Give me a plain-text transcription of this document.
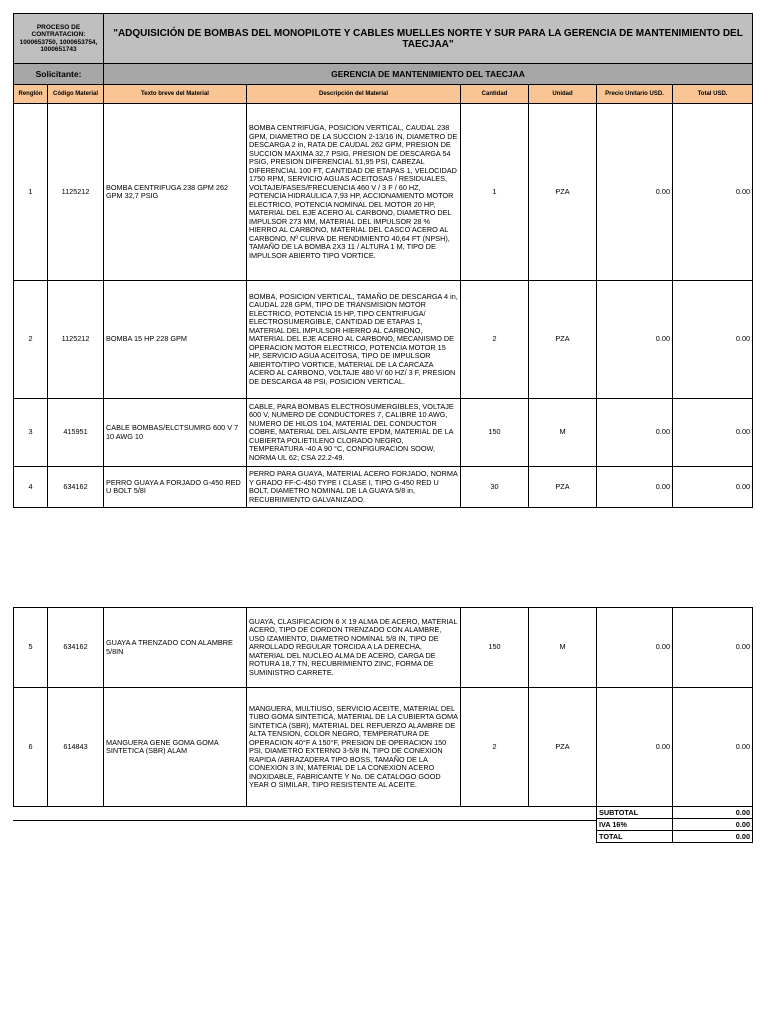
PROCESO DE CONTRATACION:
1000653750, 1000653754, 1000651743		"ADQUISICIÓN DE BOMBAS DEL MONOPILOTE Y CABLES MUELLES NORTE Y SUR PARA LA GERENCIA DE MANTENIMIENTO DEL TAECJAA"					
Solicitante:		GERENCIA DE MANTENIMIENTO DEL TAECJAA					
Renglón	Código Material	Texto breve del Material	Descripción del Material	Cantidad	Unidad	Precio Unitario USD.	Total USD.
1	1125212	BOMBA CENTRIFUGA 238 GPM 262 GPM 32,7 PSIG	BOMBA CENTRIFUGA, POSICION VERTICAL, CAUDAL 238 GPM, DIAMETRO DE LA SUCCION 2-13/16 IN, DIAMETRO DE DESCARGA 2 in, RATA DE CAUDAL 262 GPM, PRESION DE SUCCION MAXIMA 32,7 PSIG, PRESION DE DESCARGA 54 PSIG, PRESION DIFERENCIAL 51,95 PSI, CABEZAL DIFERENCIAL 100 FT, CANTIDAD DE ETAPAS 1, VELOCIDAD 1750 RPM, SERVICIO AGUAS ACEITOSAS / RESIDUALES, VOLTAJE/FASES/FRECUENCIA 460 V / 3 F / 60 HZ, POTENCIA HIDRAULICA 7,93 HP, ACCIONAMIENTO MOTOR ELECTRICO, POTENCIA NOMINAL DEL MOTOR 20 HP, MATERIAL DEL EJE ACERO AL CARBONO, DIAMETRO DEL IMPULSOR 273 MM, MATERIAL DEL IMPULSOR 28 % HIERRO AL CARBONO, MATERIAL DEL CASCO ACERO AL CARBONO, Nº CURVA DE RENDIMIENTO 40,64 FT (NPSH), TAMAÑO DE LA BOMBA 2X3 11 / ALTURA 1 M, TIPO DE IMPULSOR ABIERTO TIPO VORTICE.	1	PZA	0.00	0.00
2	1125212	BOMBA 15 HP 228 GPM	BOMBA, POSICION VERTICAL, TAMAÑO DE DESCARGA 4 in, CAUDAL 228 GPM, TIPO DE TRANSMISION MOTOR ELECTRICO, POTENCIA 15 HP, TIPO CENTRIFUGA/ ELECTROSUMERGIBLE, CANTIDAD DE ETAPAS 1, MATERIAL DEL IMPULSOR HIERRO AL CARBONO, MATERIAL DEL EJE ACERO AL CARBONO, MECANISMO DE OPERACION MOTOR ELECTRICO, POTENCIA MOTOR 15 HP, SERVICIO AGUA ACEITOSA, TIPO DE IMPULSOR ABIERTO/TIPO VORTICE, MATERIAL DE LA CARCAZA ACERO AL CARBONO, VOLTAJE 480 V/ 60 HZ/ 3 F, PRESION DE DESCARGA 48 PSI, POSICION VERTICAL.	2	PZA	0.00	0.00
3	415951	CABLE BOMBAS/ELCTSUMRG 600 V 7 10 AWG 10	CABLE, PARA BOMBAS ELECTROSUMERGIBLES, VOLTAJE 600 V, NUMERO DE CONDUCTORES 7, CALIBRE 10 AWG, NUMERO DE HILOS 104, MATERIAL DEL CONDUCTOR COBRE, MATERIAL DEL AISLANTE EPDM, MATERIAL DE LA CUBIERTA POLIETILENO CLORADO NEGRO, TEMPERATURA -40 A 90 °C, CONFIGURACION SOOW, NORMA UL 62; CSA 22.2-49.	150	M	0.00	0.00
4	634162	PERRO GUAYA A FORJADO G-450 RED U BOLT 5/8I	PERRO PARA GUAYA, MATERIAL ACERO FORJADO, NORMA Y GRADO FF-C-450 TYPE I CLASE I, TIPO G-450 RED U BOLT, DIAMETRO NOMINAL DE LA GUAYA 5/8 in, RECUBRIMIENTO GALVANIZADO.	30	PZA	0.00	0.00
5	634162	GUAYA A TRENZADO CON ALAMBRE 5/8IN	GUAYA, CLASIFICACION 6 X 19 ALMA DE ACERO, MATERIAL ACERO, TIPO DE CORDON TRENZADO CON ALAMBRE, USO IZAMIENTO, DIAMETRO NOMINAL 5/8 IN, TIPO DE ARROLLADO REGULAR TORCIDA A LA DERECHA, MATERIAL DEL NUCLEO ALMA DE ACERO, CARGA DE ROTURA 18,7 TN, RECUBRIMIENTO ZINC, FORMA DE SUMINISTRO CARRETE.	150	M	0.00	0.00
6	614843	MANGUERA GENE GOMA GOMA SINTETICA (SBR) ALAM	MANGUERA, MULTIUSO, SERVICIO ACEITE, MATERIAL DEL TUBO GOMA SINTETICA, MATERIAL DE LA CUBIERTA GOMA SINTETICA (SBR), MATERIAL DEL REFUERZO ALAMBRE DE ALTA TENSION, COLOR NEGRO, TEMPERATURA DE OPERACION 40°F A 150°F, PRESION DE OPERACION 150 PSI, DIAMETRO EXTERNO 3-5/8 IN, TIPO DE CONEXION RAPIDA /ABRAZADERA TIPO BOSS, TAMAÑO DE LA CONEXION 3 IN, MATERIAL DE LA CONEXION ACERO INOXIDABLE, FABRICANTE Y No. DE CATALOGO GOOD YEAR O SIMILAR, TIPO RESISTENTE AL ACEITE.	2	PZA	0.00	0.00
SUBTOTAL	0.00
IVA 16%	0.00
TOTAL	0.00
